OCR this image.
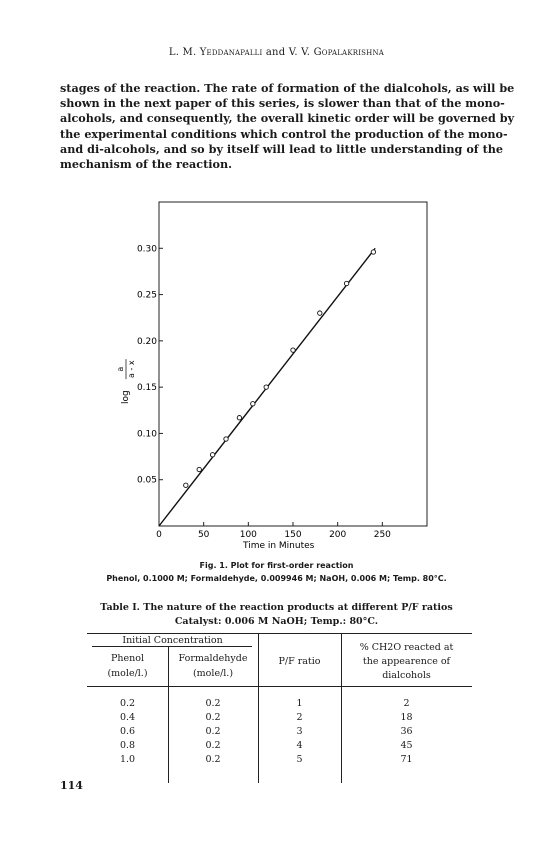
L. M. Yeddanapalli and V. V. Gopalakrishna
stages of the reaction. The rate of formation of the dialcohols, as will be
shown in the next paper of this series, is slower than that of the mono-
alcohols, and consequently, the overall kinetic order will be governed by
the experimental conditions which control the production of the mono-
and di-alcohols, and so by itself will lead to little understanding of the
mechanism of the reaction.
0	50	100	150	200	250
0.05
0.10
0.15
0.20
0.25
0.30
Time in Minutes
log
a a - x
Fig. 1. Plot for first-order reaction
Phenol, 0.1000 M; Formaldehyde, 0.009946 M; NaOH, 0.006 M; Temp. 80°C.
Table I. The nature of the reaction products at different P/F ratios
Catalyst: 0.006 M NaOH; Temp.: 80°C.
Initial Concentration
Phenol
(mole/l.)
Formaldehyde
(mole/l.)
P/F ratio
% CH2O reacted at
the appearence of
dialcohols
0.2	0.2	1	2
0.4	0.2	2	18
0.6	0.2	3	36
0.8	0.2	4	45
1.0	0.2	5	71
114
